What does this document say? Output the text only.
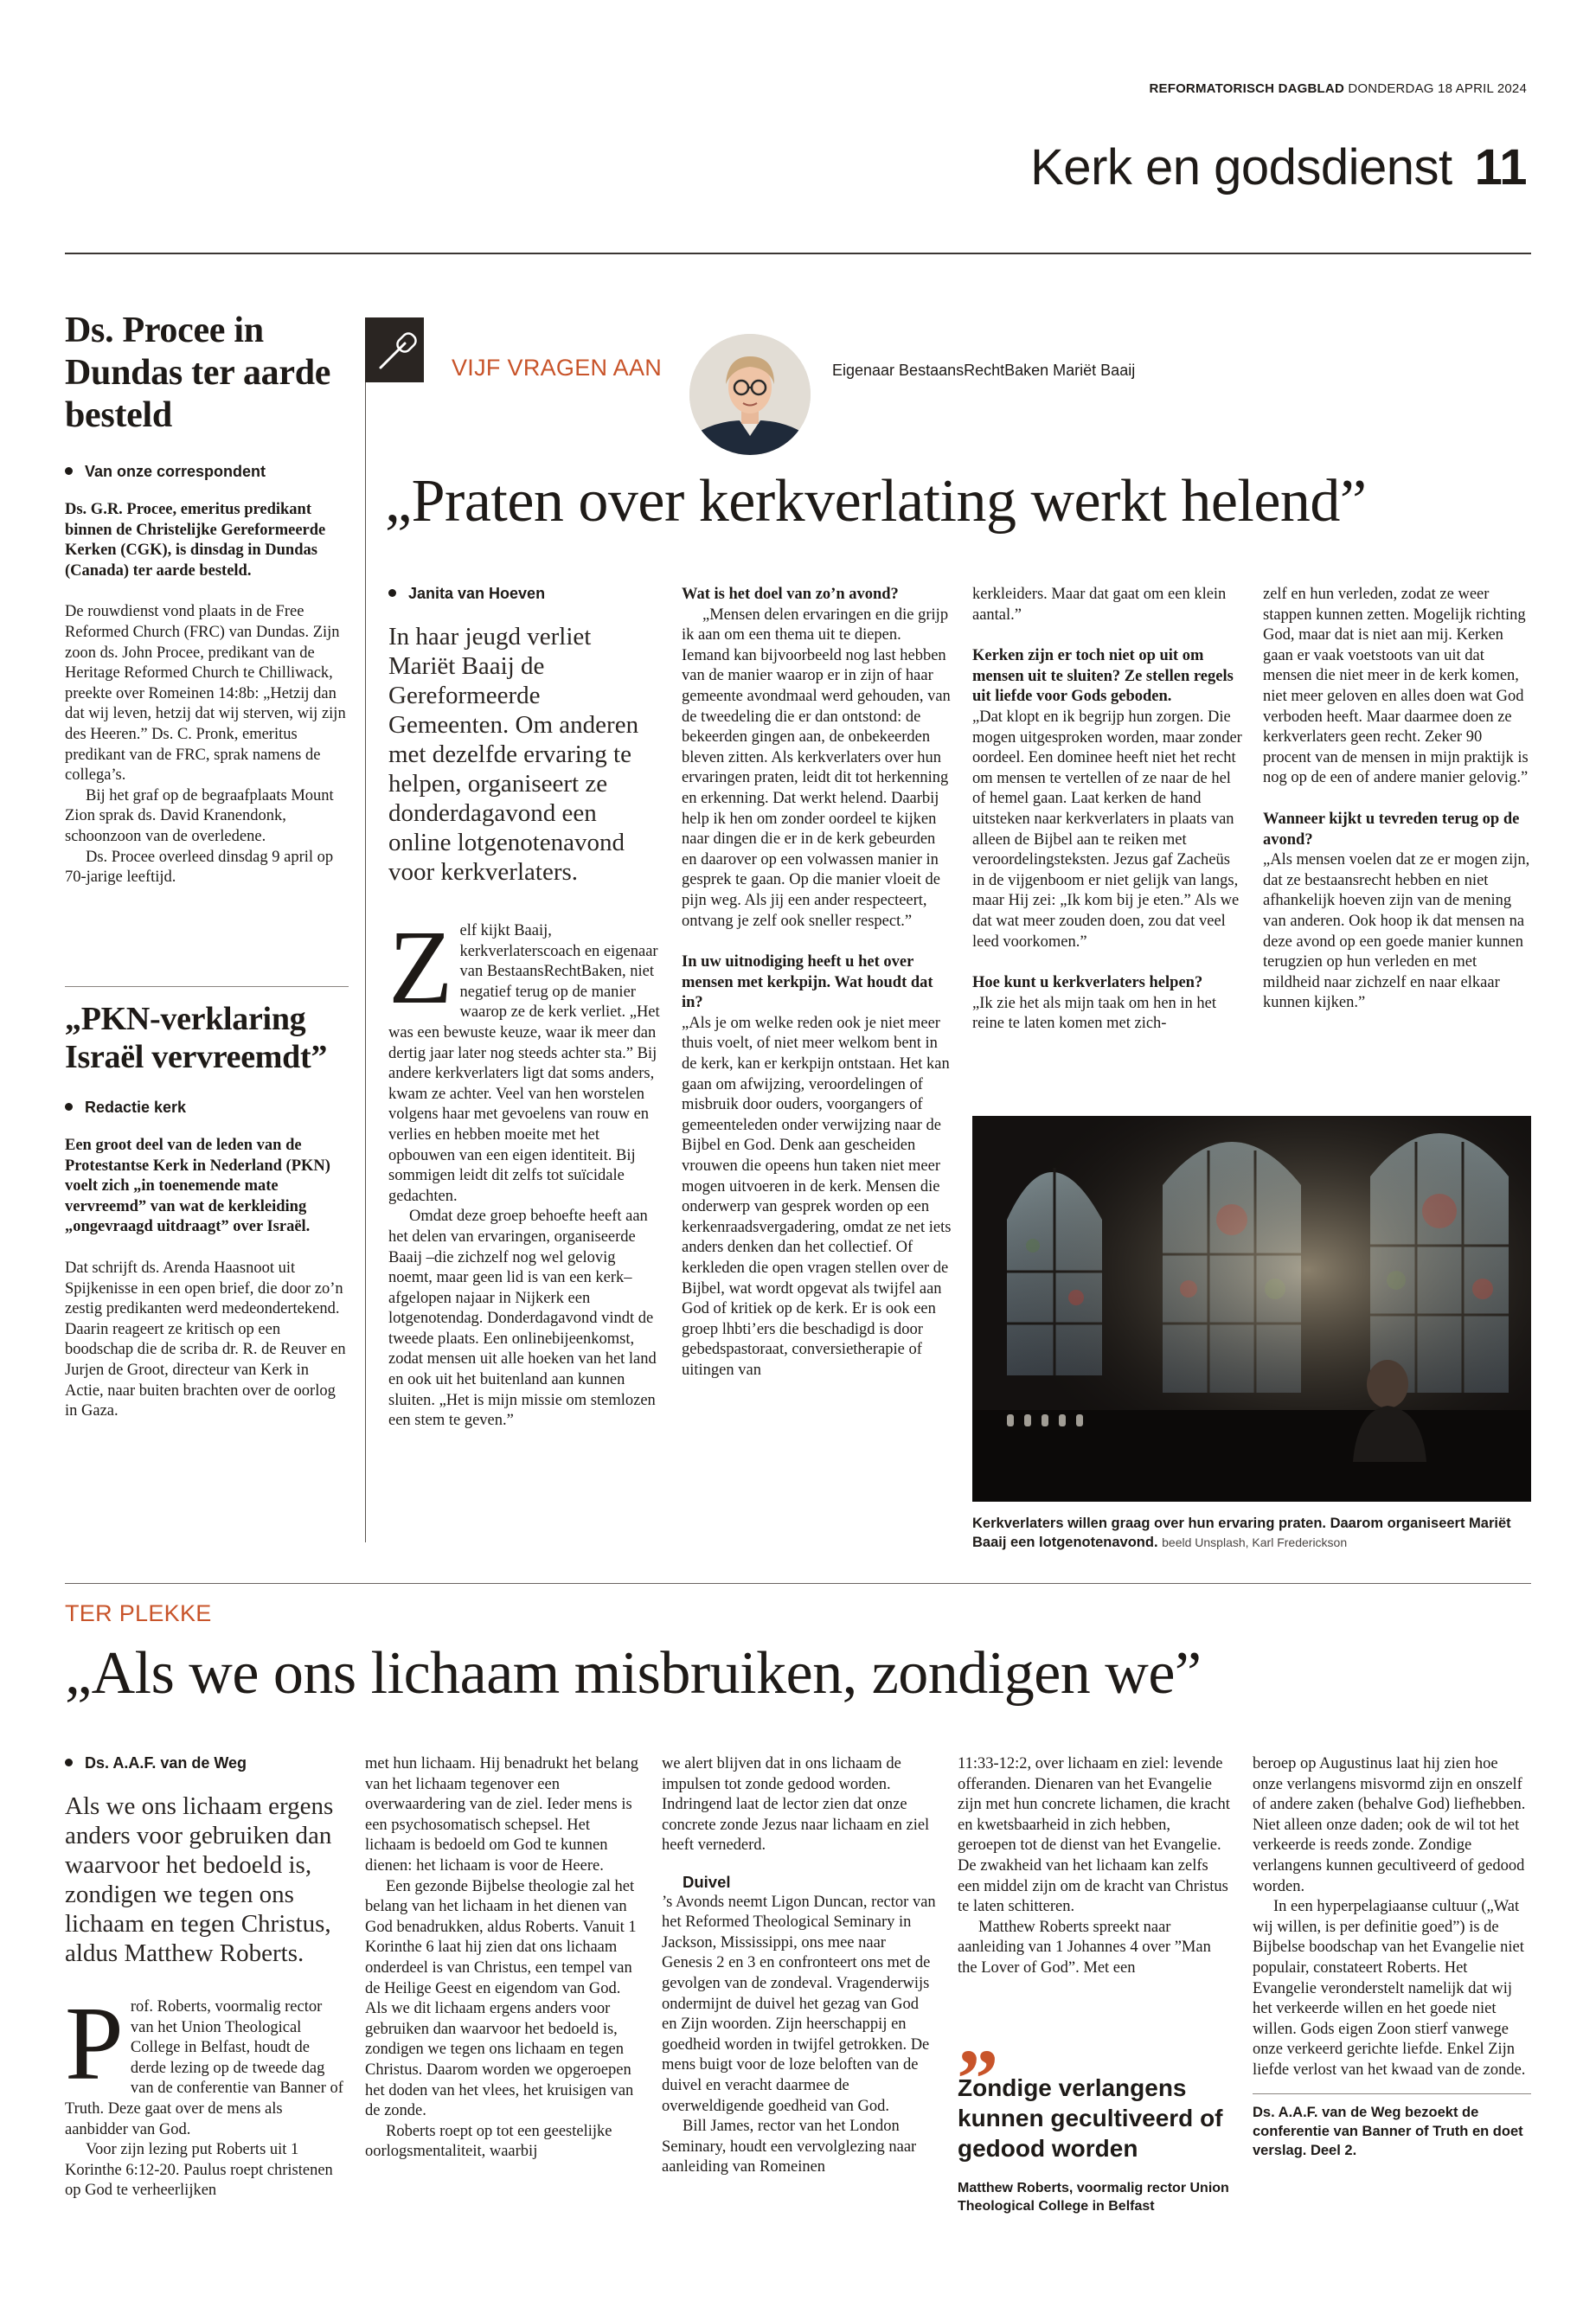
REFORMATORISCH DAGBLAD DONDERDAG 18 APRIL 2024
Kerk en godsdienst 11
Ds. Procee in Dundas ter aarde besteld
Van onze correspondent

Ds. G.R. Procee, emeritus predikant binnen de Christelijke Gereformeerde Kerken (CGK), is dinsdag in Dundas (Canada) ter aarde besteld.

De rouwdienst vond plaats in de Free Reformed Church (FRC) van Dundas. Zijn zoon ds. John Procee, predikant van de Heritage Reformed Church te Chilliwack, preekte over Romeinen 14:8b: „Hetzij dan dat wij leven, hetzij dat wij sterven, wij zijn des Heeren.” Ds. C. Pronk, emeritus predikant van de FRC, sprak namens de collega’s.

Bij het graf op de begraafplaats Mount Zion sprak ds. David Kranendonk, schoonzoon van de overledene.

Ds. Procee overleed dinsdag 9 april op 70-jarige leeftijd.

„PKN-verklaring Israël vervreemdt”
Redactie kerk

Een groot deel van de leden van de Protestantse Kerk in Nederland (PKN) voelt zich „in toenemende mate vervreemd” van wat de kerkleiding „ongevraagd uitdraagt” over Israël.

Dat schrijft ds. Arenda Haasnoot uit Spijkenisse in een open brief, die door zo’n zestig predikanten werd medeondertekend. Daarin reageert ze kritisch op een boodschap die de scriba dr. R. de Reuver en Jurjen de Groot, directeur van Kerk in Actie, naar buiten brachten over de oorlog in Gaza.

VIJF VRAGEN AAN	Eigenaar BestaansRechtBaken Mariët Baaij
„Praten over kerkverlating werkt helend”
Janita van Hoeven

In haar jeugd verliet Mariët Baaij de Gereformeerde Gemeenten. Om anderen met dezelfde ervaring te helpen, organiseert ze donderdagavond een online lotgenotenavond voor kerkverlaters.

Z elf kijkt Baaij, kerkverlaterscoach en eigenaar van BestaansRechtBaken, niet negatief terug op de manier waarop ze de kerk verliet. „Het was een bewuste keuze, waar ik meer dan dertig jaar later nog steeds achter sta.” Bij andere kerkverlaters ligt dat soms anders, kwam ze achter. Veel van hen worstelen volgens haar met gevoelens van rouw en verlies en hebben moeite met het opbouwen van een eigen identiteit. Bij sommigen leidt dit zelfs tot suïcidale gedachten.

Omdat deze groep behoefte heeft aan het delen van ervaringen, organiseerde Baaij –die zichzelf nog wel gelovig noemt, maar geen lid is van een kerk– afgelopen najaar in Nijkerk een lotgenotendag. Donderdagavond vindt de tweede plaats. Een onlinebijeenkomst, zodat mensen uit alle hoeken van het land en ook uit het buitenland aan kunnen sluiten. „Het is mijn missie om stemlozen een stem te geven.”

Wat is het doel van zo’n avond?

„Mensen delen ervaringen en die grijp ik aan om een thema uit te diepen. Iemand kan bijvoorbeeld nog last hebben van de manier waarop er in zijn of haar gemeente avondmaal werd gehouden, van de tweedeling die er dan ontstond: de bekeerden gingen aan, de onbekeerden bleven zitten. Als kerkverlaters over hun ervaringen praten, leidt dit tot herkenning en erkenning. Dat werkt helend. Daarbij help ik hen om zonder oordeel te kijken naar dingen die er in de kerk gebeurden en daarover op een volwassen manier in gesprek te gaan. Op die manier vloeit de pijn weg. Als jij een ander respecteert, ontvang je zelf ook sneller respect.”

In uw uitnodiging heeft u het over mensen met kerkpijn. Wat houdt dat in?

„Als je om welke reden ook je niet meer thuis voelt, of niet meer welkom bent in de kerk, kan er kerkpijn ontstaan. Het kan gaan om afwijzing, veroordelingen of misbruik door ouders, voorgangers of gemeenteleden onder verwijzing naar de Bijbel en God. Denk aan gescheiden vrouwen die opeens hun taken niet meer mogen uitvoeren in de kerk. Mensen die onderwerp van gesprek worden op een kerkenraadsvergadering, omdat ze net iets anders denken dan het collectief. Of kerkleden die open vragen stellen over de Bijbel, wat wordt opgevat als twijfel aan God of kritiek op de kerk. Er is ook een groep lhbti’ers die beschadigd is door gebedspastoraat, conversietherapie of uitingen van

kerkleiders. Maar dat gaat om een klein aantal.”

Kerken zijn er toch niet op uit om mensen uit te sluiten? Ze stellen regels uit liefde voor Gods geboden.

„Dat klopt en ik begrijp hun zorgen. Die mogen uitgesproken worden, maar zonder oordeel. Een dominee heeft niet het recht om mensen te vertellen of ze naar de hel of hemel gaan. Laat kerken de hand uitsteken naar kerkverlaters in plaats van alleen de Bijbel aan te reiken met veroordelingsteksten. Jezus gaf Zacheüs in de vijgenboom er niet gelijk van langs, maar Hij zei: „Ik kom bij je eten.” Als we dat wat meer zouden doen, zou dat veel leed voorkomen.”

Hoe kunt u kerkverlaters helpen?

„Ik zie het als mijn taak om hen in het reine te laten komen met zich-

zelf en hun verleden, zodat ze weer stappen kunnen zetten. Mogelijk richting God, maar dat is niet aan mij. Kerken gaan er vaak voetstoots van uit dat mensen die niet meer in de kerk komen, niet meer geloven en alles doen wat God verboden heeft. Maar daarmee doen ze kerkverlaters geen recht. Zeker 90 procent van de mensen in mijn praktijk is nog op de een of andere manier gelovig.”

Wanneer kijkt u tevreden terug op de avond?

„Als mensen voelen dat ze er mogen zijn, dat ze bestaansrecht hebben en niet afhankelijk hoeven zijn van de mening van anderen. Ook hoop ik dat mensen na deze avond op een goede manier kunnen terugzien op hun verleden en met mildheid naar zichzelf en naar elkaar kunnen kijken.”

Kerkverlaters willen graag over hun ervaring praten. Daarom organiseert Mariët Baaij een lotgenotenavond. beeld Unsplash, Karl Frederickson
TER PLEKKE
„Als we ons lichaam misbruiken, zondigen we”
Ds. A.A.F. van de Weg

Als we ons lichaam ergens anders voor gebruiken dan waarvoor het bedoeld is, zondigen we tegen ons lichaam en tegen Christus, aldus Matthew Roberts.

P rof. Roberts, voormalig rector van het Union Theological College in Belfast, houdt de derde lezing op de tweede dag van de conferentie van Banner of Truth. Deze gaat over de mens als aanbidder van God.

Voor zijn lezing put Roberts uit 1 Korinthe 6:12-20. Paulus roept christenen op God te verheerlijken

met hun lichaam. Hij benadrukt het belang van het lichaam tegenover een overwaardering van de ziel. Ieder mens is een psychosomatisch schepsel. Het lichaam is bedoeld om God te kunnen dienen: het lichaam is voor de Heere.

Een gezonde Bijbelse theologie zal het belang van het lichaam in het dienen van God benadrukken, aldus Roberts. Vanuit 1 Korinthe 6 laat hij zien dat ons lichaam onderdeel is van Christus, een tempel van de Heilige Geest en eigendom van God. Als we dit lichaam ergens anders voor gebruiken dan waarvoor het bedoeld is, zondigen we tegen ons lichaam en tegen Christus. Daarom worden we opgeroepen het doden van het vlees, het kruisigen van de zonde.

Roberts roept op tot een geestelijke oorlogsmentaliteit, waarbij

we alert blijven dat in ons lichaam de impulsen tot zonde gedood worden. Indringend laat de lector zien dat onze concrete zonde Jezus naar lichaam en ziel heeft vernederd.

Duivel

’s Avonds neemt Ligon Duncan, rector van het Reformed Theological Seminary in Jackson, Mississippi, ons mee naar Genesis 2 en 3 en confronteert ons met de gevolgen van de zondeval. Vragenderwijs ondermijnt de duivel het gezag van God en Zijn woorden. Zijn heerschappij en goedheid worden in twijfel getrokken. De mens buigt voor de loze beloften van de duivel en veracht daarmee de overweldigende goedheid van God.

Bill James, rector van het London Seminary, houdt een vervolglezing naar aanleiding van Romeinen

11:33-12:2, over lichaam en ziel: levende offeranden. Dienaren van het Evangelie zijn met hun concrete lichamen, die kracht en kwetsbaarheid in zich hebben, geroepen tot de dienst van het Evangelie. De zwakheid van het lichaam kan zelfs een middel zijn om de kracht van Christus te laten schitteren.

Matthew Roberts spreekt naar aanleiding van 1 Johannes 4 over ”Man the Lover of God”. Met een

„
Zondige verlangens kunnen gecultiveerd of gedood worden
Matthew Roberts, voormalig rector Union Theological College in Belfast

beroep op Augustinus laat hij zien hoe onze verlangens misvormd zijn en onszelf of andere zaken (behalve God) liefhebben. Niet alleen onze daden; ook de wil tot het verkeerde is reeds zonde. Zondige verlangens kunnen gecultiveerd of gedood worden.

In een hyperpelagiaanse cultuur („Wat wij willen, is per definitie goed”) is de Bijbelse boodschap van het Evangelie niet populair, constateert Roberts. Het Evangelie veronderstelt namelijk dat wij het verkeerde willen en het goede niet willen. Gods eigen Zoon stierf vanwege onze verkeerd gerichte liefde. Enkel Zijn liefde verlost van het kwaad van de zonde.

Ds. A.A.F. van de Weg bezoekt de conferentie van Banner of Truth en doet verslag. Deel 2.
